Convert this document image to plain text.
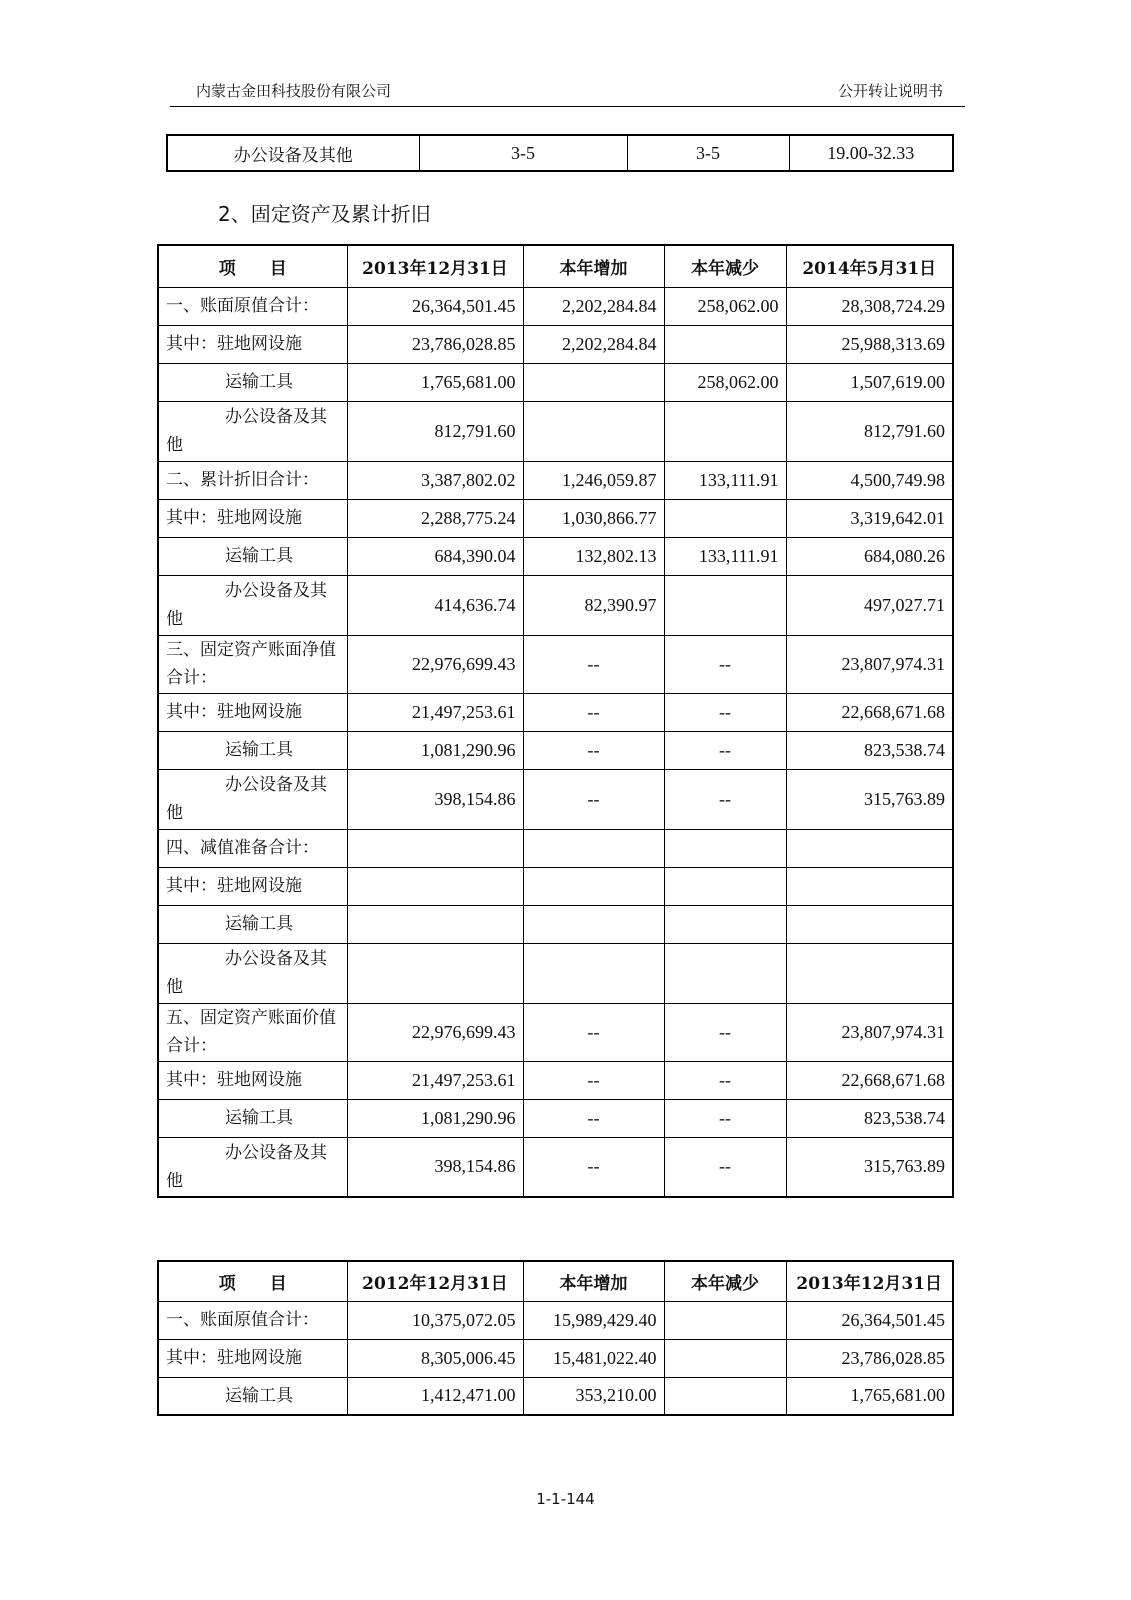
内蒙古金田科技股份有限公司	公开转让说明书
办公设备及其他	3-5	3-5	19.00-32.33
2、固定资产及累计折旧
项　　目	2013年12月31日	本年增加	本年减少	2014年5月31日
一、账面原值合计：	26,364,501.45	2,202,284.84	258,062.00	28,308,724.29
其中：驻地网设施	23,786,028.85	2,202,284.84		25,988,313.69
运输工具	1,765,681.00		258,062.00	1,507,619.00
办公设备及其他	812,791.60			812,791.60
二、累计折旧合计：	3,387,802.02	1,246,059.87	133,111.91	4,500,749.98
其中：驻地网设施	2,288,775.24	1,030,866.77		3,319,642.01
运输工具	684,390.04	132,802.13	133,111.91	684,080.26
办公设备及其他	414,636.74	82,390.97		497,027.71
三、固定资产账面净值合计：	22,976,699.43	--	--	23,807,974.31
其中：驻地网设施	21,497,253.61	--	--	22,668,671.68
运输工具	1,081,290.96	--	--	823,538.74
办公设备及其他	398,154.86	--	--	315,763.89
四、减值准备合计：				
其中：驻地网设施				
运输工具				
办公设备及其他				
五、固定资产账面价值合计：	22,976,699.43	--	--	23,807,974.31
其中：驻地网设施	21,497,253.61	--	--	22,668,671.68
运输工具	1,081,290.96	--	--	823,538.74
办公设备及其他	398,154.86	--	--	315,763.89
项　　目	2012年12月31日	本年增加	本年减少	2013年12月31日
一、账面原值合计：	10,375,072.05	15,989,429.40		26,364,501.45
其中：驻地网设施	8,305,006.45	15,481,022.40		23,786,028.85
运输工具	1,412,471.00	353,210.00		1,765,681.00
1-1-144
